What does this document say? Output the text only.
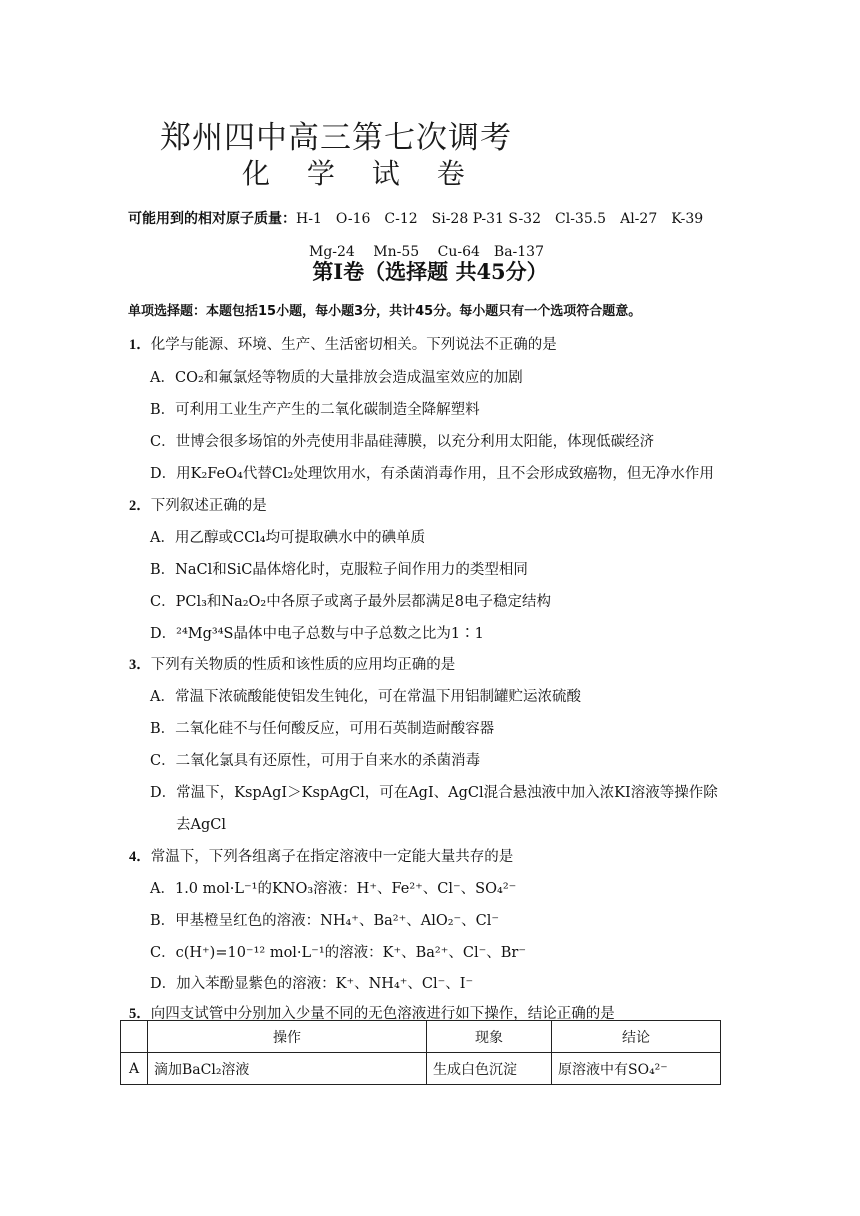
郑州四中高三第七次调考
化 学 试 卷
可能用到的相对原子质量：H-1　O-16　C-12　Si-28 P-31 S-32　Cl-35.5　Al-27　K-39
Mg-24　 Mn-55　 Cu-64　Ba-137
第Ⅰ卷（选择题 共45分）
单项选择题：本题包括15小题，每小题3分，共计45分。每小题只有一个选项符合题意。
1．化学与能源、环境、生产、生活密切相关。下列说法不正确的是
A．CO₂和氟氯烃等物质的大量排放会造成温室效应的加剧
B．可利用工业生产产生的二氧化碳制造全降解塑料
C．世博会很多场馆的外壳使用非晶硅薄膜，以充分利用太阳能，体现低碳经济
D．用K₂FeO₄代替Cl₂处理饮用水，有杀菌消毒作用，且不会形成致癌物，但无净水作用
2．下列叙述正确的是
A．用乙醇或CCl₄均可提取碘水中的碘单质
B．NaCl和SiC晶体熔化时，克服粒子间作用力的类型相同
C．PCl₃和Na₂O₂中各原子或离子最外层都满足8电子稳定结构
D．²⁴Mg³⁴S晶体中电子总数与中子总数之比为1∶1
3．下列有关物质的性质和该性质的应用均正确的是
A．常温下浓硫酸能使铝发生钝化，可在常温下用铝制罐贮运浓硫酸
B．二氧化硅不与任何酸反应，可用石英制造耐酸容器
C．二氧化氯具有还原性，可用于自来水的杀菌消毒
D．常温下，KspAgI＞KspAgCl，可在AgI、AgCl混合悬浊液中加入浓KI溶液等操作除
去AgCl
4．常温下，下列各组离子在指定溶液中一定能大量共存的是
A．1.0 mol·L⁻¹的KNO₃溶液：H⁺、Fe²⁺、Cl⁻、SO₄²⁻
B．甲基橙呈红色的溶液：NH₄⁺、Ba²⁺、AlO₂⁻、Cl⁻
C．c(H⁺)=10⁻¹² mol·L⁻¹的溶液：K⁺、Ba²⁺、Cl⁻、Br⁻
D．加入苯酚显紫色的溶液：K⁺、NH₄⁺、Cl⁻、I⁻
5．向四支试管中分别加入少量不同的无色溶液进行如下操作，结论正确的是
	操作	现象	结论
A	滴加BaCl₂溶液	生成白色沉淀	原溶液中有SO₄²⁻
